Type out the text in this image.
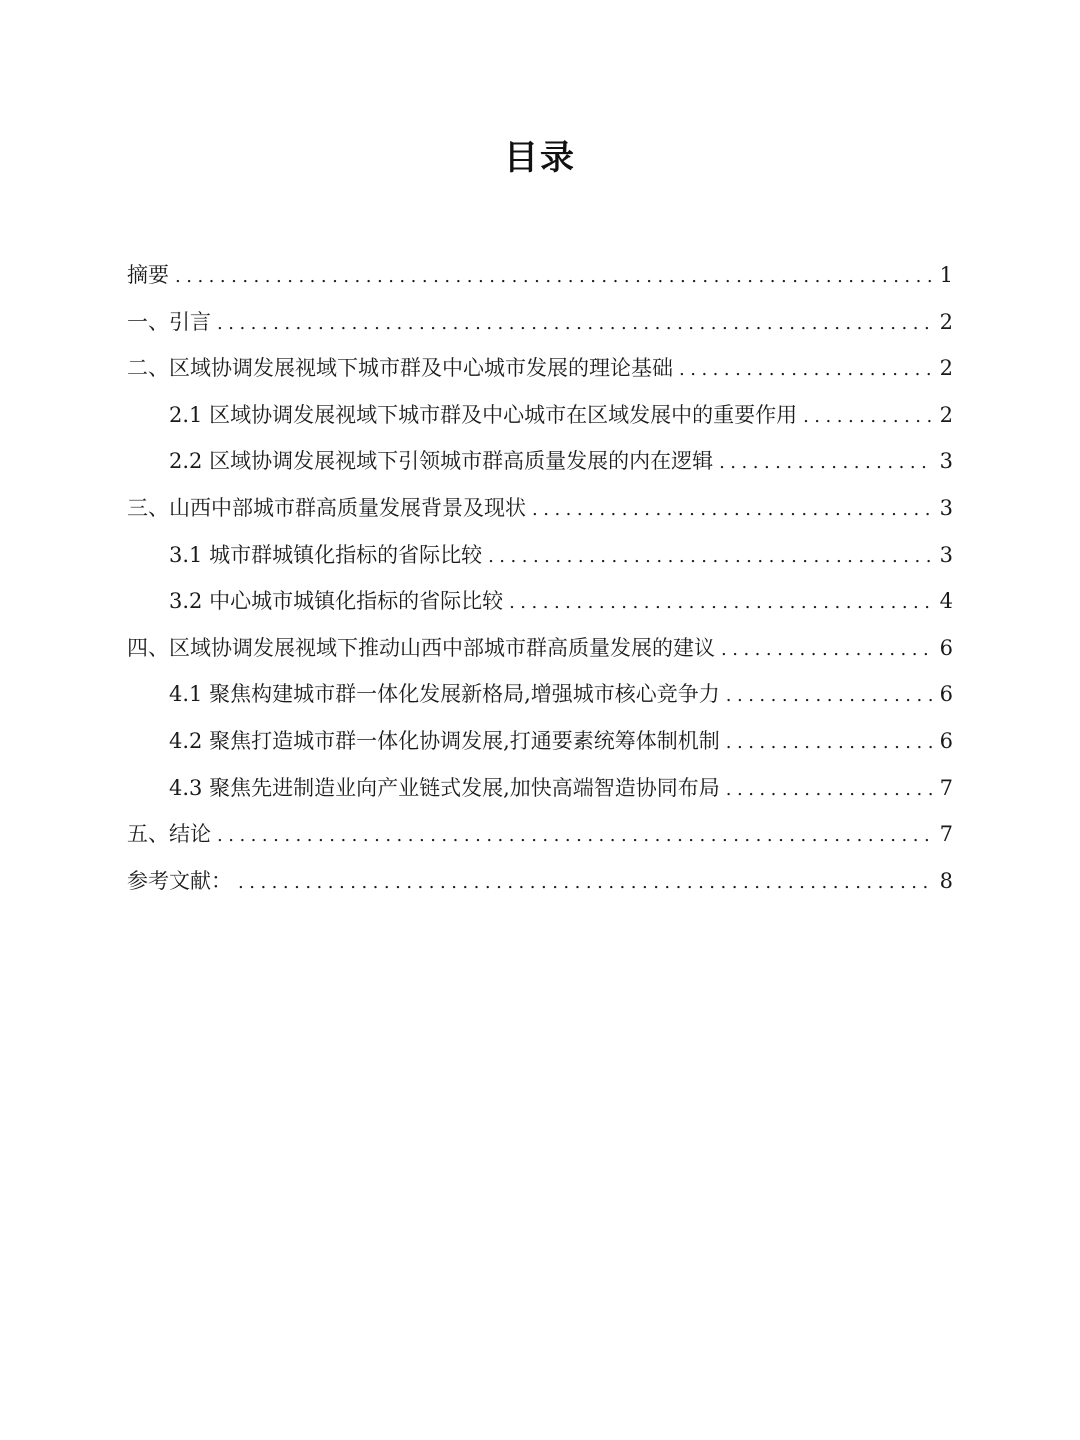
目录
摘要 .....	1
一、引言 .....	2
二、区域协调发展视域下城市群及中心城市发展的理论基础 .....	2
2.1 区域协调发展视域下城市群及中心城市在区域发展中的重要作用 .....	2
2.2 区域协调发展视域下引领城市群高质量发展的内在逻辑 .....	3
三、山西中部城市群高质量发展背景及现状 .....	3
3.1 城市群城镇化指标的省际比较 .....	3
3.2 中心城市城镇化指标的省际比较 .....	4
四、区域协调发展视域下推动山西中部城市群高质量发展的建议 .....	6
4.1 聚焦构建城市群一体化发展新格局,增强城市核心竞争力 .....	6
4.2 聚焦打造城市群一体化协调发展,打通要素统筹体制机制 .....	6
4.3 聚焦先进制造业向产业链式发展,加快高端智造协同布局 .....	7
五、结论 .....	7
参考文献： .....	8
